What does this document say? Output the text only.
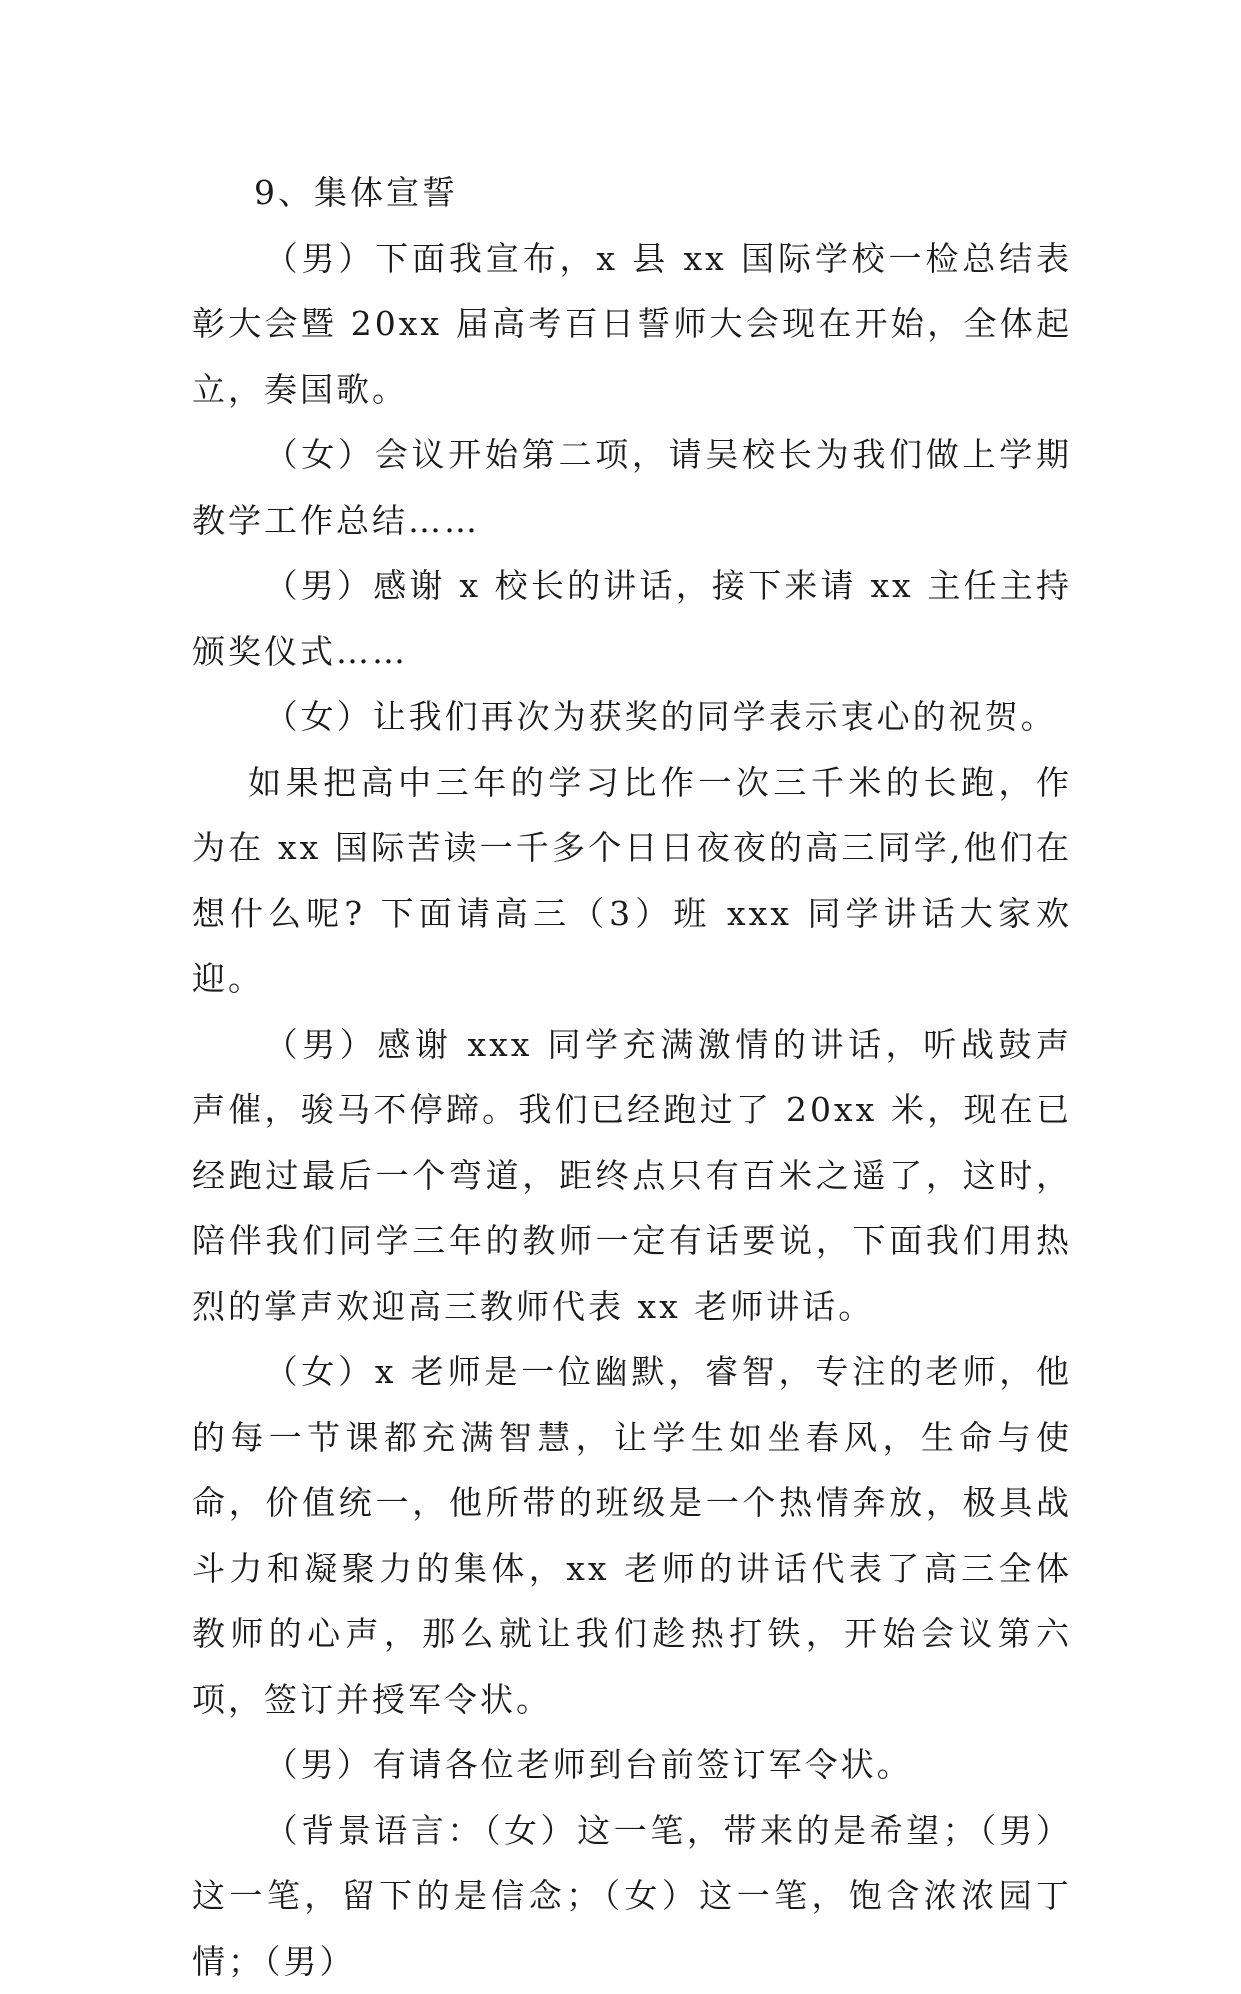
9、集体宣誓

（男）下面我宣布，x 县 xx 国际学校一检总结表彰大会暨 20xx 届高考百日誓师大会现在开始，全体起立，奏国歌。

（女）会议开始第二项，请吴校长为我们做上学期教学工作总结……

（男）感谢 x 校长的讲话，接下来请 xx 主任主持颁奖仪式……

（女）让我们再次为获奖的同学表示衷心的祝贺。

如果把高中三年的学习比作一次三千米的长跑，作为在 xx 国际苦读一千多个日日夜夜的高三同学,他们在想什么呢? 下面请高三（3）班 xxx 同学讲话大家欢迎。

（男）感谢 xxx 同学充满激情的讲话，听战鼓声声催，骏马不停蹄。我们已经跑过了 20xx 米，现在已经跑过最后一个弯道，距终点只有百米之遥了，这时，陪伴我们同学三年的教师一定有话要说，下面我们用热烈的掌声欢迎高三教师代表 xx 老师讲话。

（女）x 老师是一位幽默，睿智，专注的老师，他的每一节课都充满智慧，让学生如坐春风，生命与使命，价值统一，他所带的班级是一个热情奔放，极具战斗力和凝聚力的集体，xx 老师的讲话代表了高三全体教师的心声，那么就让我们趁热打铁，开始会议第六项，签订并授军令状。

（男）有请各位老师到台前签订军令状。

（背景语言：（女）这一笔，带来的是希望；（男）这一笔，留下的是信念；（女）这一笔，饱含浓浓园丁情；（男）
